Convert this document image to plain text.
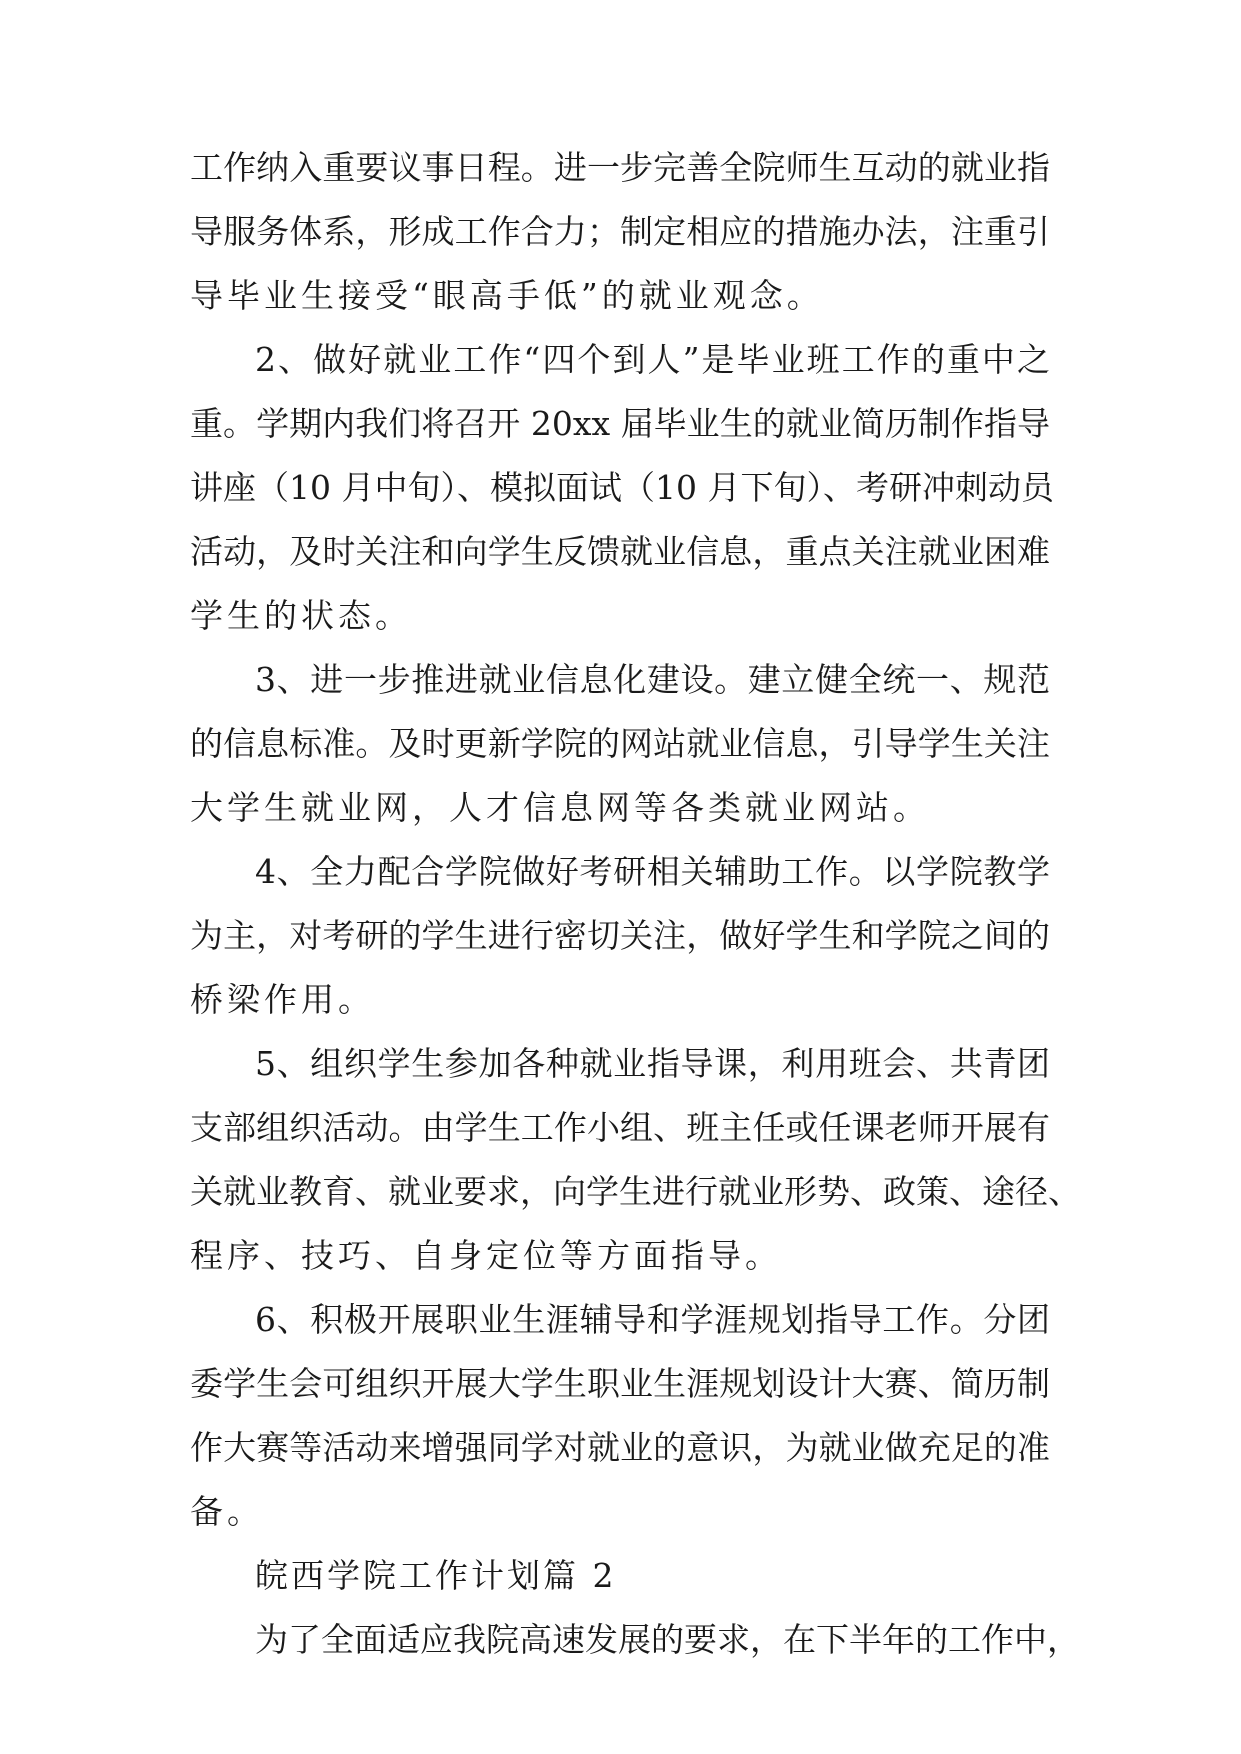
工作纳入重要议事日程。进一步完善全院师生互动的就业指
导服务体系，形成工作合力；制定相应的措施办法，注重引
导毕业生接受“眼高手低”的就业观念。
2、做好就业工作“四个到人”是毕业班工作的重中之
重。学期内我们将召开 20xx 届毕业生的就业简历制作指导
讲座（10 月中旬）、模拟面试（10 月下旬）、考研冲刺动员
活动，及时关注和向学生反馈就业信息，重点关注就业困难
学生的状态。
3、进一步推进就业信息化建设。建立健全统一、规范
的信息标准。及时更新学院的网站就业信息，引导学生关注
大学生就业网，人才信息网等各类就业网站。
4、全力配合学院做好考研相关辅助工作。以学院教学
为主，对考研的学生进行密切关注，做好学生和学院之间的
桥梁作用。
5、组织学生参加各种就业指导课，利用班会、共青团
支部组织活动。由学生工作小组、班主任或任课老师开展有
关就业教育、就业要求，向学生进行就业形势、政策、途径、
程序、技巧、自身定位等方面指导。
6、积极开展职业生涯辅导和学涯规划指导工作。分团
委学生会可组织开展大学生职业生涯规划设计大赛、简历制
作大赛等活动来增强同学对就业的意识，为就业做充足的准
备。
皖西学院工作计划篇 2
为了全面适应我院高速发展的要求，在下半年的工作中，
